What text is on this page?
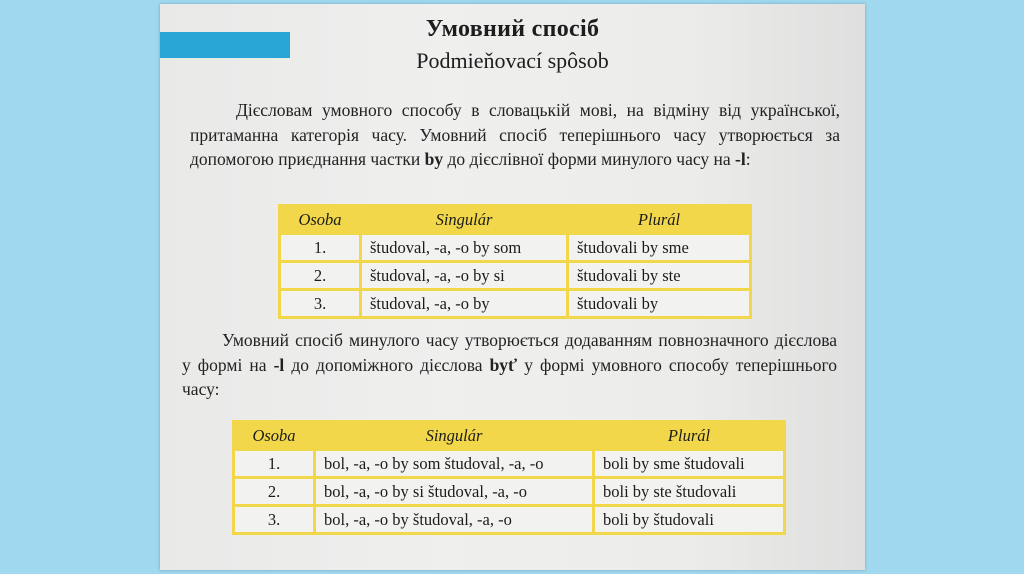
Умовний спосіб
Podmieňovací spôsob

Дієсловам умовного способу в словацькій мові, на відміну від української, притаманна категорія часу. Умовний спосіб теперішнього часу утворюється за допомогою приєднання частки by до дієслівної форми минулого часу на -l:

Osoba	Singulár	Plurál
1.	študoval, -a, -o by som	študovali by sme
2.	študoval, -a, -o by si	študovali by ste
3.	študoval, -a, -o by	študovali by

Умовний спосіб минулого часу утворюється додаванням повнозначного дієслова у формі на -l до допоміжного дієслова byť у формі умовного способу теперішнього часу:

Osoba	Singulár	Plurál
1.	bol, -a, -o by som študoval, -a, -o	boli by sme študovali
2.	bol, -a, -o by si študoval, -a, -o	boli by ste študovali
3.	bol, -a, -o by študoval, -a, -o	boli by študovali
